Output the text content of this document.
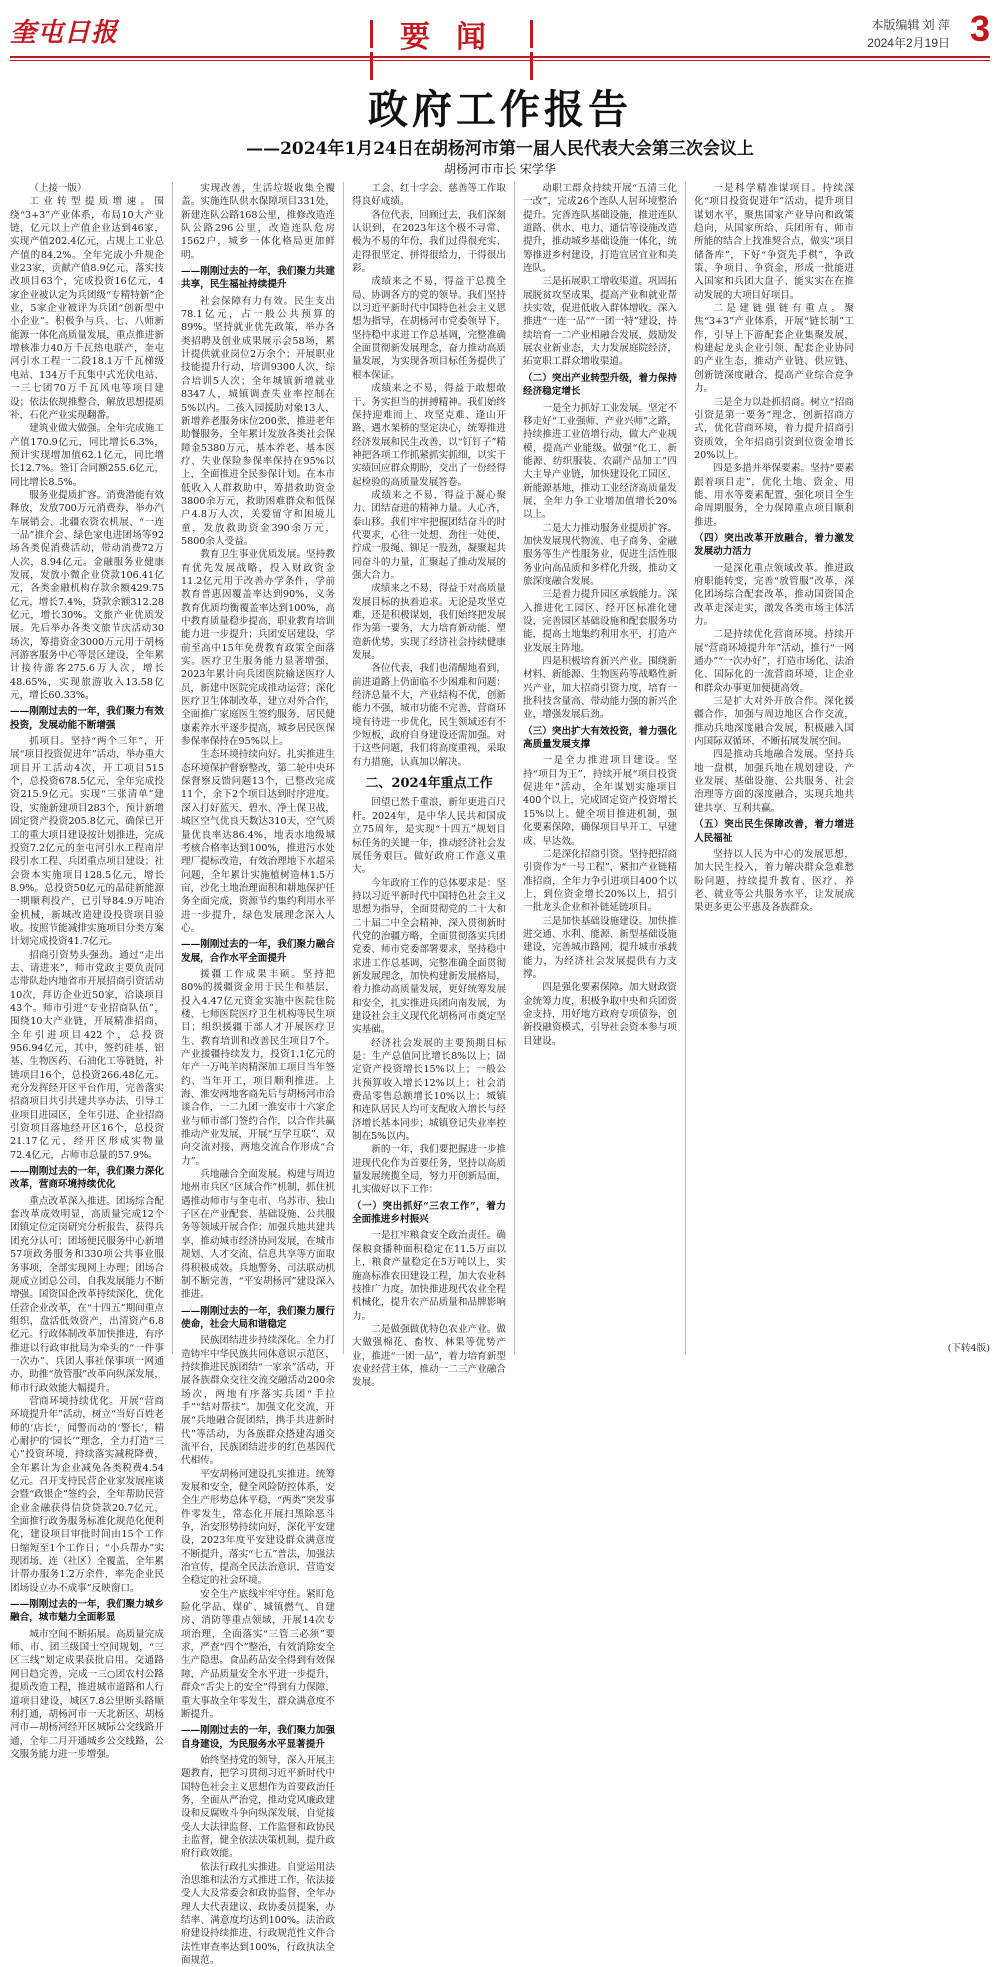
奎屯日报	要闻	本版编辑 刘 萍
2024年2月19日 3
政府工作报告
——2024年1月24日在胡杨河市第一届人民代表大会第三次会议上
胡杨河市市长 宋学华

（上接一版）

工业转型提质增速。围绕“3+3”产业体系，布局10大产业链，亿元以上产值企业达到46家，实现产值202.4亿元，占规上工业总产值的84.2%。全年完成小升规企业23家，贡献产值8.9亿元，落实技改项目63个，完成投资16亿元，4家企业被认定为兵团级“专精特新”企业，5家企业被评为兵团“创新型中小企业”。积极争与兵、七、八师新能源一体化高质量发展，重点推进新增核准力40万千瓦热电联产，奎屯河引水工程一二段18.1万千瓦梯级电站、134万千瓦集中式光伏电站、一三七团70万千瓦风电等项目建设；依法依规推整合，解放思想提质补，石化产业实现翻番。

建筑业做大做强。全年完成施工产值170.9亿元，同比增长6.3%，预计实现增加值62.1亿元，同比增长12.7%。签订合同额255.6亿元，同比增长8.5%。

服务业提质扩容。消费潜能有效释放，发放700万元消费券，举办汽车展销会、北疆农资农机展、“一连一品”推介会、绿色家电进团场等92场各类促消费活动，带动消费72万人次，8.94亿元。金融服务业健康发展，发放小微企业贷款106.41亿元，各类金融机构存款余额429.75亿元，增长7.4%，贷款余额312.28亿元，增长30%。文旅产业优质发展。先后举办各类文旅节庆活动30场次，筹措资金3000万元用于胡杨河游客服务中心等景区建设，全年累计接待游客275.6万人次，增长48.65%，实现旅游收入13.58亿元，增长60.33%。

——刚刚过去的一年，我们聚力有效投资，发展动能不断增强

抓项目。坚持“两个三年”，开展“项目投资促进年”活动，举办重大项目开工活动4次，开工项目515个，总投资678.5亿元，全年完成投资215.9亿元。实现“三张清单”建设，实施新建项目283个，预计新增固定资产投资205.8亿元，确保已开工的重大项目建设按计划推进，完成投资7.2亿元的奎屯河引水工程南岸段引水工程、兵团重点项目建设；社会资本实施项目128.5亿元，增长8.9%。总投资50亿元的晶硅新能源一期顺利投产，已引导84.9万吨冶金机械，新城改造建设投资项目验收。按照节能减排实施项目分类方案计划完成投资41.7亿元。

招商引资势头强劲。通过“走出去、请进来”，师市党政主要负责同志带队赴内地省市开展招商引资活动10次，拜访企业近50家，洽谈项目43个。师市引进“专业招商队伍”，围绕10大产业链，开展精准招商，全年引进项目422个，总投资956.94亿元，其中，签约硅基、铝基、生物医药、石油化工等链链，补链项目16个，总投资266.48亿元。充分发挥经开区平台作用，完善落实招商项目共引共建共享办法，引导工业项目进园区，全年引进、企业招商引资项目落地经开区16个，总投资21.17亿元，经开区形成实物量72.4亿元，占师市总量的57.9%。

——刚刚过去的一年，我们聚力深化改革，营商环境持续优化

重点改革深入推进。团场综合配套改革成效明显，高质量完成12个团镇定位定岗研究分析报告，获得兵团充分认可；团场便民服务中心新增57项政务服务和330项公共事业服务事项，全部实现网上办理；团场合规成立团总公司，自我发展能力不断增强。国资国企改革持续深化，优化任营企业改革，在“十四五”期间重点组织，盘活低效资产，出清资产6.8亿元。行政体制改革加快推进，有序推进以行政审批局为牵头的“一件事一次办”、兵团人事社保事项一网通办，助推“放管服”改革向纵深发展，师市行政效能大幅提升。

营商环境持续优化。开展“营商环境提升年”活动，树立“当好百姓老师的‘店长’，闻警而动的‘警长’，精心耐护的‘园长’”理念，全力打造“三心”投资环境，持续落实减税降费，全年累计为企业减免各类税费4.54亿元。召开支持民营企业家发展座谈会暨“政银企”签约会，全年帮助民营企业金融获得信贷贷款20.7亿元，全面推行政务服务标准化规范化便利化，建设项目审批时间由15个工作日缩短至1个工作日；“小兵帮办”实现团场、连（社区）全覆盖，全年累计帮办服务1.2万余件，率先企业民团场设立办不成事”反映窗口。

——刚刚过去的一年，我们聚力城乡融合，城市魅力全面彰显

城市空间不断拓展。高质量完成师、市、团三级国土空间规划，“三区三线”划定成果获批启用。交通路网日趋完善，完成一三○团农村公路提质改造工程，推进城市道路和人行道项目建设，城区7.8公里断头路顺利打通，胡杨河市一天北新区、胡杨河市—胡杨河经开区城际公交线路开通，全年二月开通城乡公交线路，公交服务能力进一步增强。

实现改善，生活垃圾收集全覆盖。实施连队供水保障项目331处，新建连队公路168公里，推修改造连队公路296公里，改造连队危房1562户，城乡一体化格局更加鲜明。

——刚刚过去的一年，我们聚力共建共享，民生福祉持续提升

社会保障有力有效。民生支出78.1亿元，占一般公共预算的89%。坚持就业优先政策，举办各类招聘及创业成果展示会58场，累计提供就业岗位2万余个；开展职业技能提升行动，培训9300人次，综合培训5人次；全年城镇新增就业8347人，城镇调查失业率控制在5%以内。二孩入园援助对象13人，新增养老服务床位200张，推进老年助餐服务，全年累计发放各类社会保障金5380万元，基本养老、基本医疗、失业保险参保率保持在95%以上，全面推进全民参保计划。在本市低收入人群救助中，筹措救助资金3800余万元，救助困难群众和低保户4.8万人次，关爱留守和困境儿童，发放救助资金390余万元，5800余人受益。

教育卫生事业优质发展。坚持教育优先发展战略，投入财政资金11.2亿元用于改善办学条件，学前教育普惠因覆盖率达到90%，义务教育优质均衡覆盖率达到100%，高中教育质量稳步提高，职业教育培训能力进一步提升；兵团安居建设，学前至高中15年免费教育政策全面落实。医疗卫生服务能力显著增强，2023年累计向兵团医院输送医疗人员，新建中医院完成推动运营；深化医疗卫生体制改革，建立对外合作，全面推广家庭医生签约服务，居民健康素养水平逐步提高，城乡居民医保参保率保持在95%以上。

生态环境持续向好。扎实推进生态环境保护督察整改，第二轮中央环保督察反馈问题13个，已整改完成11个，余下2个项目达到时序进度。深入打好蓝天、碧水、净土保卫战，城区空气优良天数达310天，空气质量优良率达86.4%，地表水地级城考核合格率达到100%，推进污水处理厂提标改造，有效治理地下水超采问题，全年累计实施植树造林1.5万亩，沙化土地治理面积和耕地保护任务全面完成，资源节约集约利用水平进一步提升，绿色发展理念深入人心。

——刚刚过去的一年，我们聚力融合发展，合作水平全面提升

援疆工作成果丰硕。坚持把80%的援疆资金用于民生和基层，投入4.47亿元资金实施中医院住院楼、七师医院医疗卫生机构等民生项目；组织援疆干部人才开展医疗卫生、教育培训和改善民生项目7个。产业援疆持续发力，投资1.1亿元的年产一万吨羊肉精深加工项目当年签约、当年开工，项目顺利推进。上海、淮安两地客商先后与胡杨河市洽谈合作，一二九团一淮安市十六家企业与师市部门签约合作，以合作共赢推动产业发展，开展“互学互联”，双向交流对接，两地交流合作形成“合力”。

兵地融合全面发展。构建与周边地州市兵区“区域合作”机制，抓住机遇推动师市与奎屯市、乌苏市、独山子区在产业配套、基础设施、公共服务等领域开展合作；加强兵地共建共享，推动城市经济协同发展，在城市规划、人才交流、信息共享等方面取得积极成效。兵地警务、司法联动机制不断完善，“平安胡杨河”建设深入推进。

——刚刚过去的一年，我们聚力履行使命，社会大局和谐稳定

民族团结进步持续深化。全力打造铸牢中华民族共同体意识示范区，持续推进民族团结“一家亲”活动，开展各族群众交往交流交融活动200余场次，两地有序落实兵团“手拉手”“结对帮扶”。加强文化交流，开展“兵地融合促团结，携手共进新时代”等活动，为各族群众搭建沟通交流平台，民族团结进步的红色基因代代相传。

平安胡杨河建设扎实推进。统筹发展和安全，健全风险防控体系，安全生产形势总体平稳，“两类”突发事件零发生，常态化开展扫黑除恶斗争，治安形势持续向好，深化平安建设，2023年度平安建设群众满意度不断提升，落实“七五”普法，加强法治宣传，提高全民法治意识，营造安全稳定的社会环境。

安全生产底线牢牢守住。紧盯危险化学品、煤矿、城镇燃气、自建房、消防等重点领域，开展14次专项治理，全面落实“三管三必须”要求，严查“四个”整治，有效消除安全生产隐患。食品药品安全得到有效保障，产品质量安全水平进一步提升，群众“舌尖上的安全”得到有力保障，重大事故全年零发生，群众满意度不断提升。

——刚刚过去的一年，我们聚力加强自身建设，为民服务水平显著提升

始终坚持党的领导，深入开展主题教育，把学习贯彻习近平新时代中国特色社会主义思想作为首要政治任务，全面从严治党，推动党风廉政建设和反腐败斗争向纵深发展，自觉接受人大法律监督、工作监督和政协民主监督，健全依法决策机制，提升政府行政效能。

依法行政扎实推进。自觉运用法治思维和法治方式推进工作，依法接受人大及常委会和政协监督，全年办理人大代表建议、政协委员提案，办结率、满意度均达到100%。法治政府建设持续推进，行政规范性文件合法性审查率达到100%，行政执法全面规范。

工会、红十字会、慈善等工作取得良好成绩。

各位代表，回顾过去，我们深刻认识到，在2023年这个极不寻常、极为不易的年份，我们过得很充实、走得很坚定、拼得很给力，干得很出彩。

成绩来之不易，得益于总揽全局、协调各方的党的领导。我们坚持以习近平新时代中国特色社会主义思想为指导，在胡杨河市党委领导下，坚持稳中求进工作总基调，完整准确全面贯彻新发展理念，奋力推动高质量发展，为实现各项目标任务提供了根本保证。

成绩来之不易，得益于敢想敢干、务实担当的拼搏精神。我们始终保持迎难而上、攻坚克难、逢山开路、遇水架桥的坚定决心，统筹推进经济发展和民生改善，以“钉钉子”精神把各项工作抓紧抓实抓细，以实干实绩回应群众期盼，交出了一份经得起检验的高质量发展答卷。

成绩来之不易，得益于凝心聚力、团结奋进的精神力量。人心齐，泰山移。我们牢牢把握团结奋斗的时代要求，心往一处想、劲往一处使，拧成一股绳、铆足一股劲，凝聚起共同奋斗的力量，汇聚起了推动发展的强大合力。

成绩来之不易，得益于对高质量发展目标的执着追求。无论是攻坚克难，还是积极谋划，我们始终把发展作为第一要务，大力培育新动能、塑造新优势，实现了经济社会持续健康发展。

各位代表，我们也清醒地看到，前进道路上仍面临不少困难和问题：经济总量不大，产业结构不优，创新能力不强，城市功能不完善，营商环境有待进一步优化，民生领域还有不少短板，政府自身建设还需加强。对于这些问题，我们将高度重视，采取有力措施，认真加以解决。

二、2024年重点工作

回望已然千重浪，新年更进百尺杆。2024年，是中华人民共和国成立75周年，是实现“十四五”规划目标任务的关键一年，推动经济社会发展任务艰巨。做好政府工作意义重大。

今年政府工作的总体要求是：坚持以习近平新时代中国特色社会主义思想为指导，全面贯彻党的二十大和二十届二中全会精神，深入贯彻新时代党的治疆方略，全面贯彻落实兵团党委、师市党委部署要求，坚持稳中求进工作总基调，完整准确全面贯彻新发展理念，加快构建新发展格局，着力推动高质量发展，更好统筹发展和安全，扎实推进兵团向南发展，为建设社会主义现代化胡杨河市奠定坚实基础。

经济社会发展的主要预期目标是：生产总值同比增长8%以上；固定资产投资增长15%以上；一般公共预算收入增长12%以上；社会消费品零售总额增长10%以上；城镇和连队居民人均可支配收入增长与经济增长基本同步；城镇登记失业率控制在5%以内。

新的一年，我们要把握进一步推进现代化作为首要任务，坚持以高质量发展统揽全局，努力开创新局面，扎实做好以下工作：

（一）突出抓好“三农工作”，着力全面推进乡村振兴

一是扛牢粮食安全政治责任。确保粮食播种面积稳定在11.5万亩以上，粮食产量稳定在5万吨以上，实施高标准农田建设工程，加大农业科技推广力度。加快推进现代农业全程机械化，提升农产品质量和品牌影响力。

二是做强做优特色农业产业。做大做强棉花、畜牧、林果等优势产业，推进“一团一品”，着力培育新型农业经营主体，推动一二三产业融合发展。

动职工群众持续开展“五清三化一改”，完成26个连队人居环境整治提升。完善连队基础设施，推进连队道路、供水、电力、通信等设施改造提升，推动城乡基础设施一体化，统筹推进乡村建设，打造宜居宜业和美连队。

三是拓展职工增收渠道。巩固拓展脱贫攻坚成果，提高产业和就业帮扶实效，促进低收入群体增收。深入推进“一连一品”“一团一特”建设，持续培育一二产业相融合发展，鼓励发展农业新业态，大力发展庭院经济，拓宽职工群众增收渠道。

（二）突出产业转型升级，着力保持经济稳定增长

一是全力抓好工业发展。坚定不移走好“工业强师、产业兴师”之路，持续推进工业倍增行动，做大产业规模，提高产业能级。做强“化工、新能源、纺织服装、农副产品加工”四大主导产业链，加快建设化工园区、新能源基地，推动工业经济高质量发展，全年力争工业增加值增长20%以上。

二是大力推动服务业提质扩容。加快发展现代物流、电子商务、金融服务等生产性服务业，促进生活性服务业向高品质和多样化升级，推动文旅深度融合发展。

三是着力提升园区承载能力。深入推进化工园区、经开区标准化建设，完善园区基础设施和配套服务功能，提高土地集约利用水平，打造产业发展主阵地。

四是积极培育新兴产业。围绕新材料、新能源、生物医药等战略性新兴产业，加大招商引资力度，培育一批科技含量高、带动能力强的新兴企业，增强发展后劲。

（三）突出扩大有效投资，着力强化高质量发展支撑

一是全力推进项目建设。坚持“项目为王”，持续开展“项目投资促进年”活动，全年谋划实施项目400个以上，完成固定资产投资增长15%以上。健全项目推进机制，强化要素保障，确保项目早开工、早建成、早达效。

二是深化招商引资。坚持把招商引资作为“一号工程”，紧扣产业链精准招商，全年力争引进项目400个以上，到位资金增长20%以上，招引一批龙头企业和补链延链项目。

三是加快基础设施建设。加快推进交通、水利、能源、新型基础设施建设，完善城市路网，提升城市承载能力，为经济社会发展提供有力支撑。

四是强化要素保障。加大财政资金统筹力度，积极争取中央和兵团资金支持，用好地方政府专项债券，创新投融资模式，引导社会资本参与项目建设。

一是科学精准谋项目。持续深化“项目投资促进年”活动，提升项目谋划水平，聚焦国家产业导向和政策趋向，从国家所给、兵团所有、师市所能的结合上找准契合点，做实“项目储备库”，下好“争资先手棋”，争政策、争项目、争资金，形成一批能进入国家和兵团大盘子、能实实在在推动发展的大项目好项目。

二是建链强链有重点。聚焦“3+3”产业体系，开展“链长制”工作，引导上下游配套企业集聚发展，构建起龙头企业引领、配套企业协同的产业生态，推动产业链、供应链、创新链深度融合，提高产业综合竞争力。

三是全力以赴抓招商。树立“招商引资是第一要务”理念，创新招商方式，优化营商环境，着力提升招商引资质效，全年招商引资到位资金增长20%以上。

四是多措并举保要素。坚持“要素跟着项目走”，优化土地、资金、用能、用水等要素配置，强化项目全生命周期服务，全力保障重点项目顺利推进。

（四）突出改革开放融合，着力激发发展动力活力

一是深化重点领域改革。推进政府职能转变，完善“放管服”改革，深化团场综合配套改革，推动国资国企改革走深走实，激发各类市场主体活力。

二是持续优化营商环境。持续开展“营商环境提升年”活动，推行“一网通办”“一次办好”，打造市场化、法治化、国际化的一流营商环境，让企业和群众办事更加便捷高效。

三是扩大对外开放合作。深化援疆合作，加强与周边地区合作交流，推动兵地深度融合发展，积极融入国内国际双循环，不断拓展发展空间。

四是推动兵地融合发展。坚持兵地一盘棋，加强兵地在规划建设、产业发展、基础设施、公共服务、社会治理等方面的深度融合，实现兵地共建共享、互利共赢。

（五）突出民生保障改善，着力增进人民福祉

坚持以人民为中心的发展思想，加大民生投入，着力解决群众急难愁盼问题，持续提升教育、医疗、养老、就业等公共服务水平，让发展成果更多更公平惠及各族群众。

(下转4版)
